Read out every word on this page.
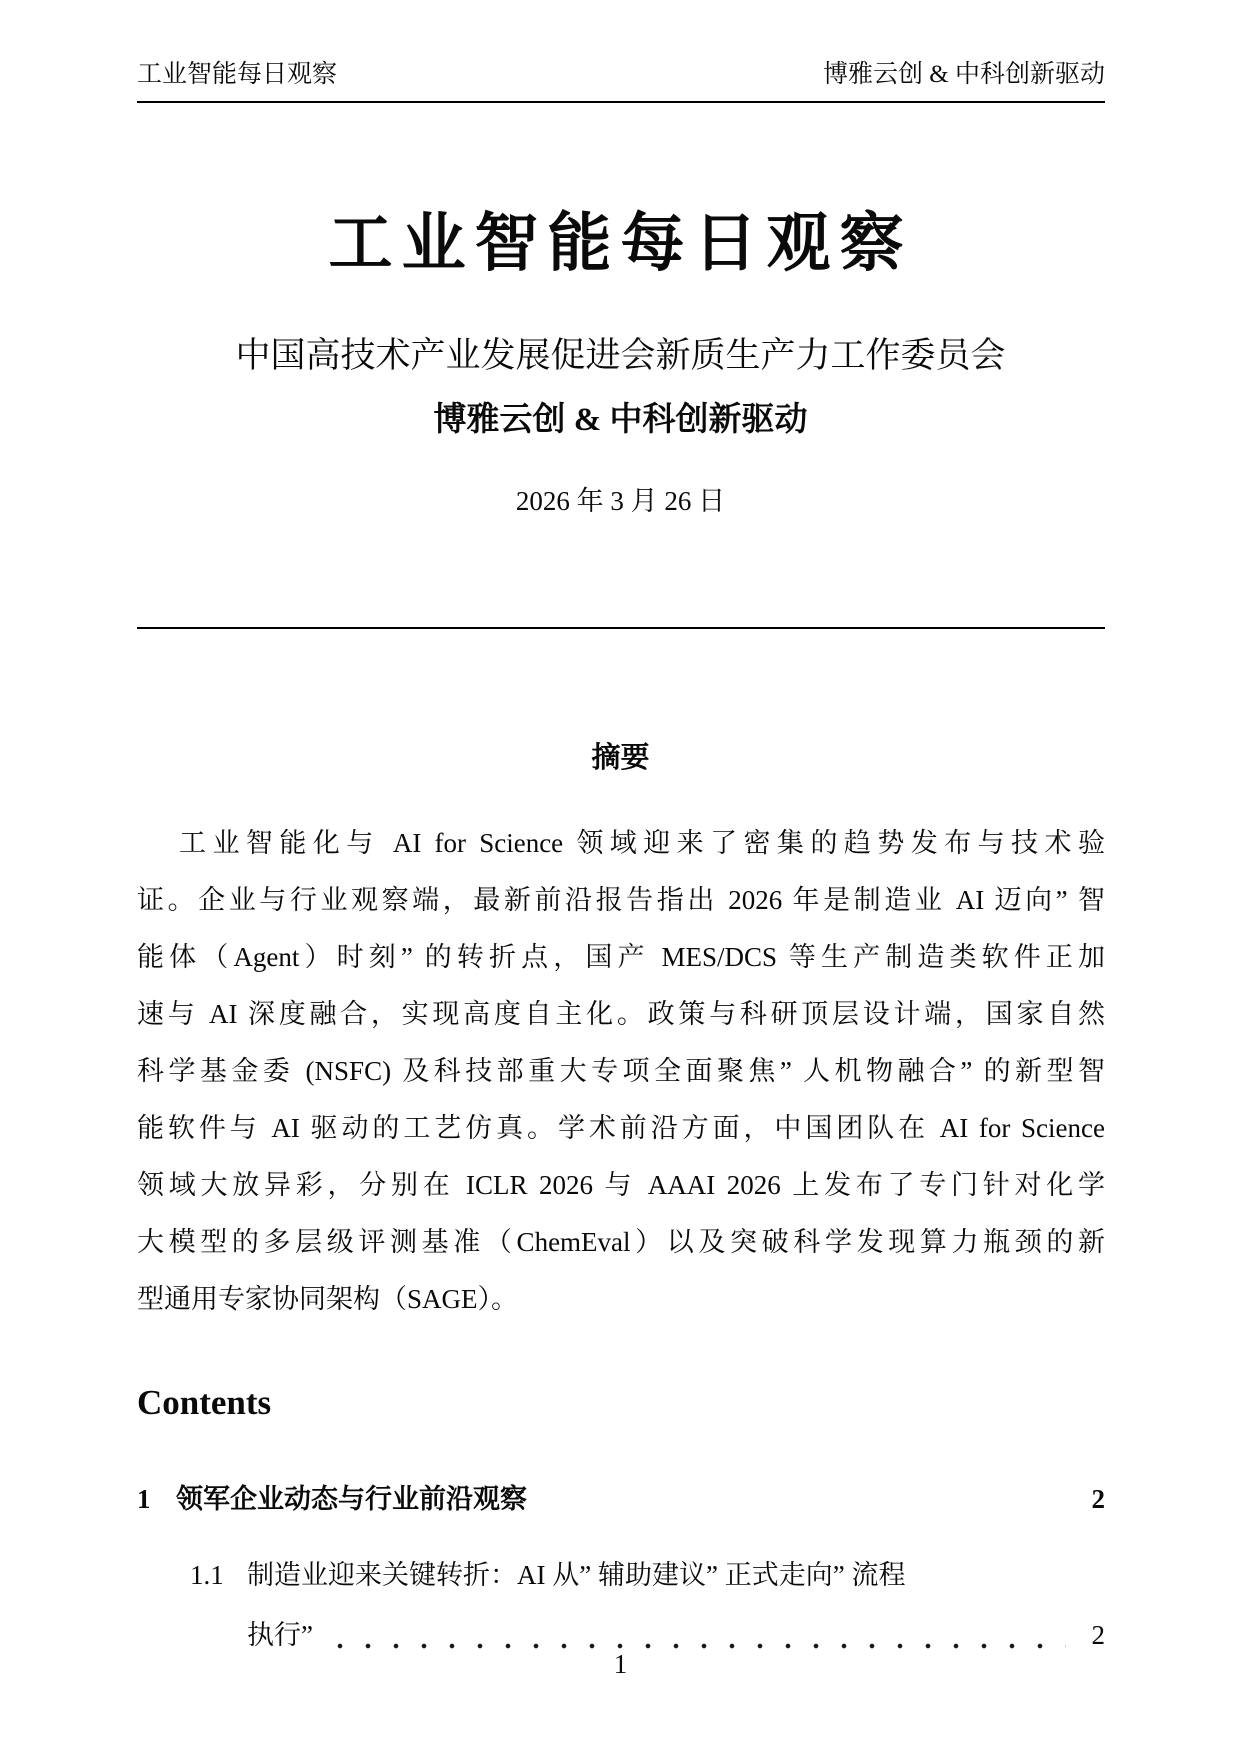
工业智能每日观察	博雅云创 & 中科创新驱动
工业智能每日观察
中国高技术产业发展促进会新质生产力工作委员会
博雅云创 & 中科创新驱动
2026 年 3 月 26 日
摘要
工业智能化与 AI for Science 领域迎来了密集的趋势发布与技术验
证。企业与行业观察端，最新前沿报告指出 2026 年是制造业 AI 迈向” 智
能体（Agent）时刻” 的转折点，国产 MES/DCS 等生产制造类软件正加
速与 AI 深度融合，实现高度自主化。政策与科研顶层设计端，国家自然
科学基金委 (NSFC) 及科技部重大专项全面聚焦” 人机物融合” 的新型智
能软件与 AI 驱动的工艺仿真。学术前沿方面，中国团队在 AI for Science
领域大放异彩，分别在 ICLR 2026 与 AAAI 2026 上发布了专门针对化学
大模型的多层级评测基准（ChemEval）以及突破科学发现算力瓶颈的新
型通用专家协同架构（SAGE）。
Contents
1 领军企业动态与行业前沿观察	2
1.1 制造业迎来关键转折：AI 从” 辅助建议” 正式走向” 流程
执行”	2
1
